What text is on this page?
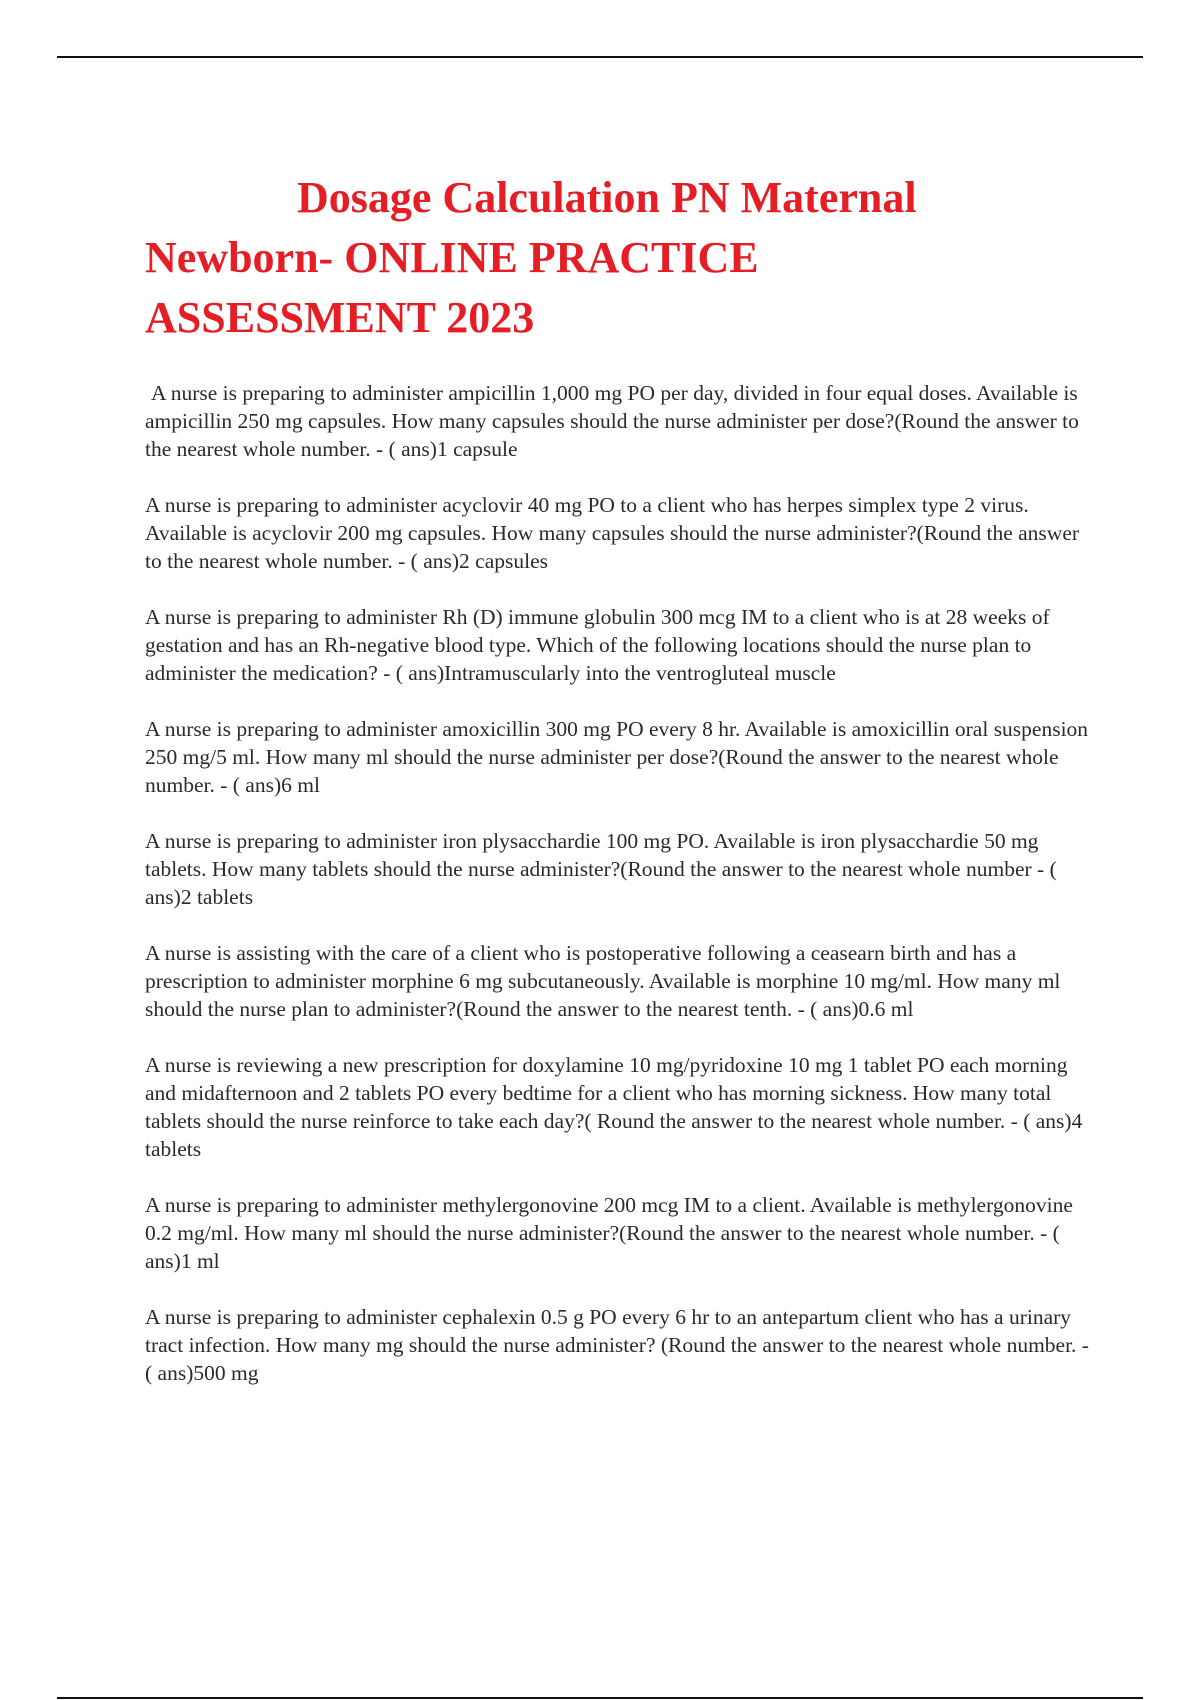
Dosage Calculation PN Maternal Newborn- ONLINE PRACTICE ASSESSMENT 2023
A nurse is preparing to administer ampicillin 1,000 mg PO per day, divided in four equal doses. Available is ampicillin 250 mg capsules. How many capsules should the nurse administer per dose?(Round the answer to the nearest whole number. - ( ans)1 capsule
A nurse is preparing to administer acyclovir 40 mg PO to a client who has herpes simplex type 2 virus. Available is acyclovir 200 mg capsules. How many capsules should the nurse administer?(Round the answer to the nearest whole number. - ( ans)2 capsules
A nurse is preparing to administer Rh (D) immune globulin 300 mcg IM to a client who is at 28 weeks of gestation and has an Rh-negative blood type. Which of the following locations should the nurse plan to administer the medication? - ( ans)Intramuscularly into the ventrogluteal muscle
A nurse is preparing to administer amoxicillin 300 mg PO every 8 hr. Available is amoxicillin oral suspension 250 mg/5 ml. How many ml should the nurse administer per dose?(Round the answer to the nearest whole number. - ( ans)6 ml
A nurse is preparing to administer iron plysacchardie 100 mg PO. Available is iron plysacchardie 50 mg tablets. How many tablets should the nurse administer?(Round the answer to the nearest whole number - ( ans)2 tablets
A nurse is assisting with the care of a client who is postoperative following a ceasearn birth and has a prescription to administer morphine 6 mg subcutaneously. Available is morphine 10 mg/ml. How many ml should the nurse plan to administer?(Round the answer to the nearest tenth. - ( ans)0.6 ml
A nurse is reviewing a new prescription for doxylamine 10 mg/pyridoxine 10 mg 1 tablet PO each morning and midafternoon and 2 tablets PO every bedtime for a client who has morning sickness. How many total tablets should the nurse reinforce to take each day?( Round the answer to the nearest whole number. - ( ans)4 tablets
A nurse is preparing to administer methylergonovine 200 mcg IM to a client. Available is methylergonovine 0.2 mg/ml. How many ml should the nurse administer?(Round the answer to the nearest whole number. - ( ans)1 ml
A nurse is preparing to administer cephalexin 0.5 g PO every 6 hr to an antepartum client who has a urinary tract infection. How many mg should the nurse administer? (Round the answer to the nearest whole number. - ( ans)500 mg
